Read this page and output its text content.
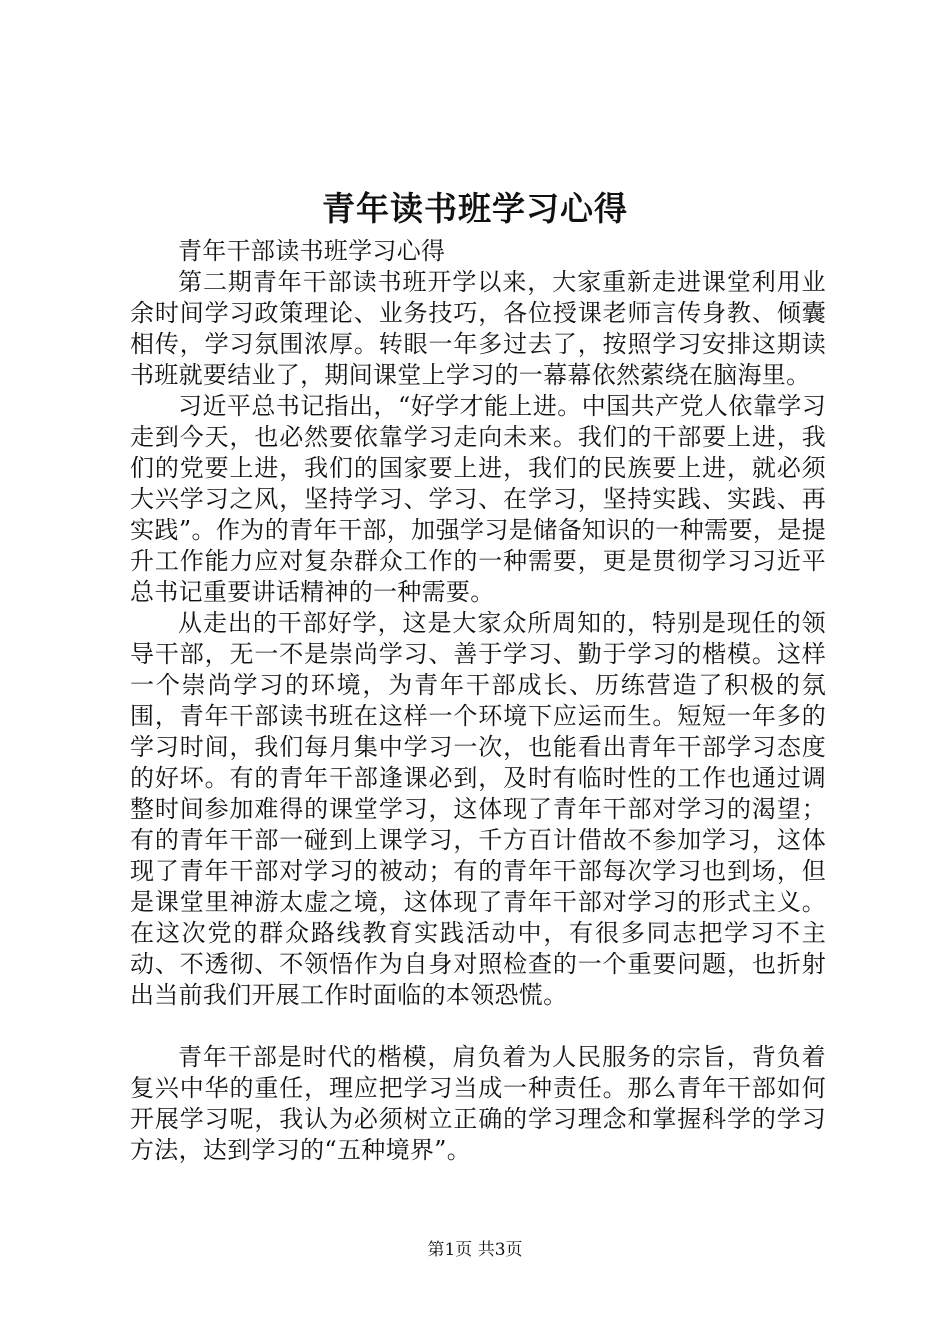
青年读书班学习心得

青年干部读书班学习心得

第二期青年干部读书班开学以来，大家重新走进课堂利用业余时间学习政策理论、业务技巧，各位授课老师言传身教、倾囊相传，学习氛围浓厚。转眼一年多过去了，按照学习安排这期读书班就要结业了，期间课堂上学习的一幕幕依然萦绕在脑海里。

习近平总书记指出，“好学才能上进。中国共产党人依靠学习走到今天，也必然要依靠学习走向未来。我们的干部要上进，我们的党要上进，我们的国家要上进，我们的民族要上进，就必须大兴学习之风，坚持学习、学习、在学习，坚持实践、实践、再实践”。作为的青年干部，加强学习是储备知识的一种需要，是提升工作能力应对复杂群众工作的一种需要，更是贯彻学习习近平总书记重要讲话精神的一种需要。

从走出的干部好学，这是大家众所周知的，特别是现任的领导干部，无一不是崇尚学习、善于学习、勤于学习的楷模。这样一个崇尚学习的环境，为青年干部成长、历练营造了积极的氛围，青年干部读书班在这样一个环境下应运而生。短短一年多的学习时间，我们每月集中学习一次，也能看出青年干部学习态度的好坏。有的青年干部逢课必到，及时有临时性的工作也通过调整时间参加难得的课堂学习，这体现了青年干部对学习的渴望；有的青年干部一碰到上课学习，千方百计借故不参加学习，这体现了青年干部对学习的被动；有的青年干部每次学习也到场，但是课堂里神游太虚之境，这体现了青年干部对学习的形式主义。在这次党的群众路线教育实践活动中，有很多同志把学习不主动、不透彻、不领悟作为自身对照检查的一个重要问题，也折射出当前我们开展工作时面临的本领恐慌。

青年干部是时代的楷模，肩负着为人民服务的宗旨，背负着复兴中华的重任，理应把学习当成一种责任。那么青年干部如何开展学习呢，我认为必须树立正确的学习理念和掌握科学的学习方法，达到学习的“五种境界”。

第1页 共3页
